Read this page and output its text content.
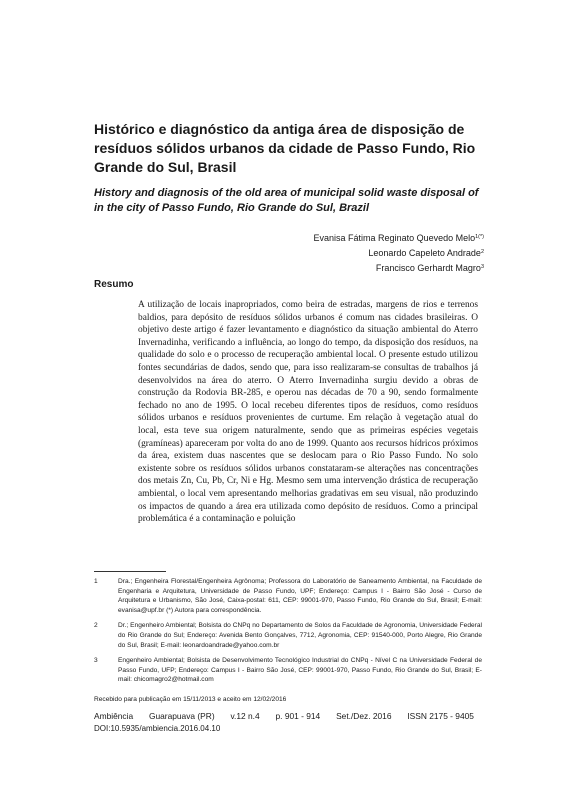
Histórico e diagnóstico da antiga área de disposição de resíduos sólidos urbanos da cidade de Passo Fundo, Rio Grande do Sul, Brasil
History and diagnosis of the old area of municipal solid waste disposal of in the city of Passo Fundo, Rio Grande do Sul, Brazil
Evanisa Fátima Reginato Quevedo Melo$^{1(*)}$
Leonardo Capeleto Andrade$^2$
Francisco Gerhardt Magro$^3$
Resumo

A utilização de locais inapropriados, como beira de estradas, margens de rios e terrenos baldios, para depósito de resíduos sólidos urbanos é comum nas cidades brasileiras. O objetivo deste artigo é fazer levantamento e diagnóstico da situação ambiental do Aterro Invernadinha, verificando a influência, ao longo do tempo, da disposição dos resíduos, na qualidade do solo e o processo de recuperação ambiental local. O presente estudo utilizou fontes secundárias de dados, sendo que, para isso realizaram-se consultas de trabalhos já desenvolvidos na área do aterro. O Aterro Invernadinha surgiu devido a obras de construção da Rodovia BR-285, e operou nas décadas de 70 a 90, sendo formalmente fechado no ano de 1995. O local recebeu diferentes tipos de resíduos, como resíduos sólidos urbanos e resíduos provenientes de curtume. Em relação à vegetação atual do local, esta teve sua origem naturalmente, sendo que as primeiras espécies vegetais (gramíneas) apareceram por volta do ano de 1999. Quanto aos recursos hídricos próximos da área, existem duas nascentes que se deslocam para o Rio Passo Fundo. No solo existente sobre os resíduos sólidos urbanos constataram-se alterações nas concentrações dos metais Zn, Cu, Pb, Cr, Ni e Hg. Mesmo sem uma intervenção drástica de recuperação ambiental, o local vem apresentando melhorias gradativas em seu visual, não produzindo os impactos de quando a área era utilizada como depósito de resíduos. Como a principal problemática é a contaminação e poluição

1	Dra.; Engenheira Florestal/Engenheira Agrônoma; Professora do Laboratório de Saneamento Ambiental, na Faculdade de Engenharia e Arquitetura, Universidade de Passo Fundo, UPF; Endereço: Campus I - Bairro São José - Curso de Arquitetura e Urbanismo, São José, Caixa-postal: 611, CEP: 99001-970, Passo Fundo, Rio Grande do Sul, Brasil; E-mail: evanisa@upf.br (*) Autora para correspondência.
2	Dr.; Engenheiro Ambiental; Bolsista do CNPq no Departamento de Solos da Faculdade de Agronomia, Universidade Federal do Rio Grande do Sul; Endereço: Avenida Bento Gonçalves, 7712, Agronomia, CEP: 91540-000, Porto Alegre, Rio Grande do Sul, Brasil; E-mail: leonardoandrade@yahoo.com.br
3	Engenheiro Ambiental; Bolsista de Desenvolvimento Tecnológico Industrial do CNPq - Nível C na Universidade Federal de Passo Fundo, UFP; Endereço: Campus I - Bairro São José, CEP: 99001-970, Passo Fundo, Rio Grande do Sul, Brasil; E-mail: chicomagro2@hotmail.com
Recebido para publicação em 15/11/2013 e aceito em 12/02/2016
Ambiência Guarapuava (PR) v.12 n.4 p. 901 - 914 Set./Dez. 2016 ISSN 2175 - 9405
DOI:10.5935/ambiencia.2016.04.10
